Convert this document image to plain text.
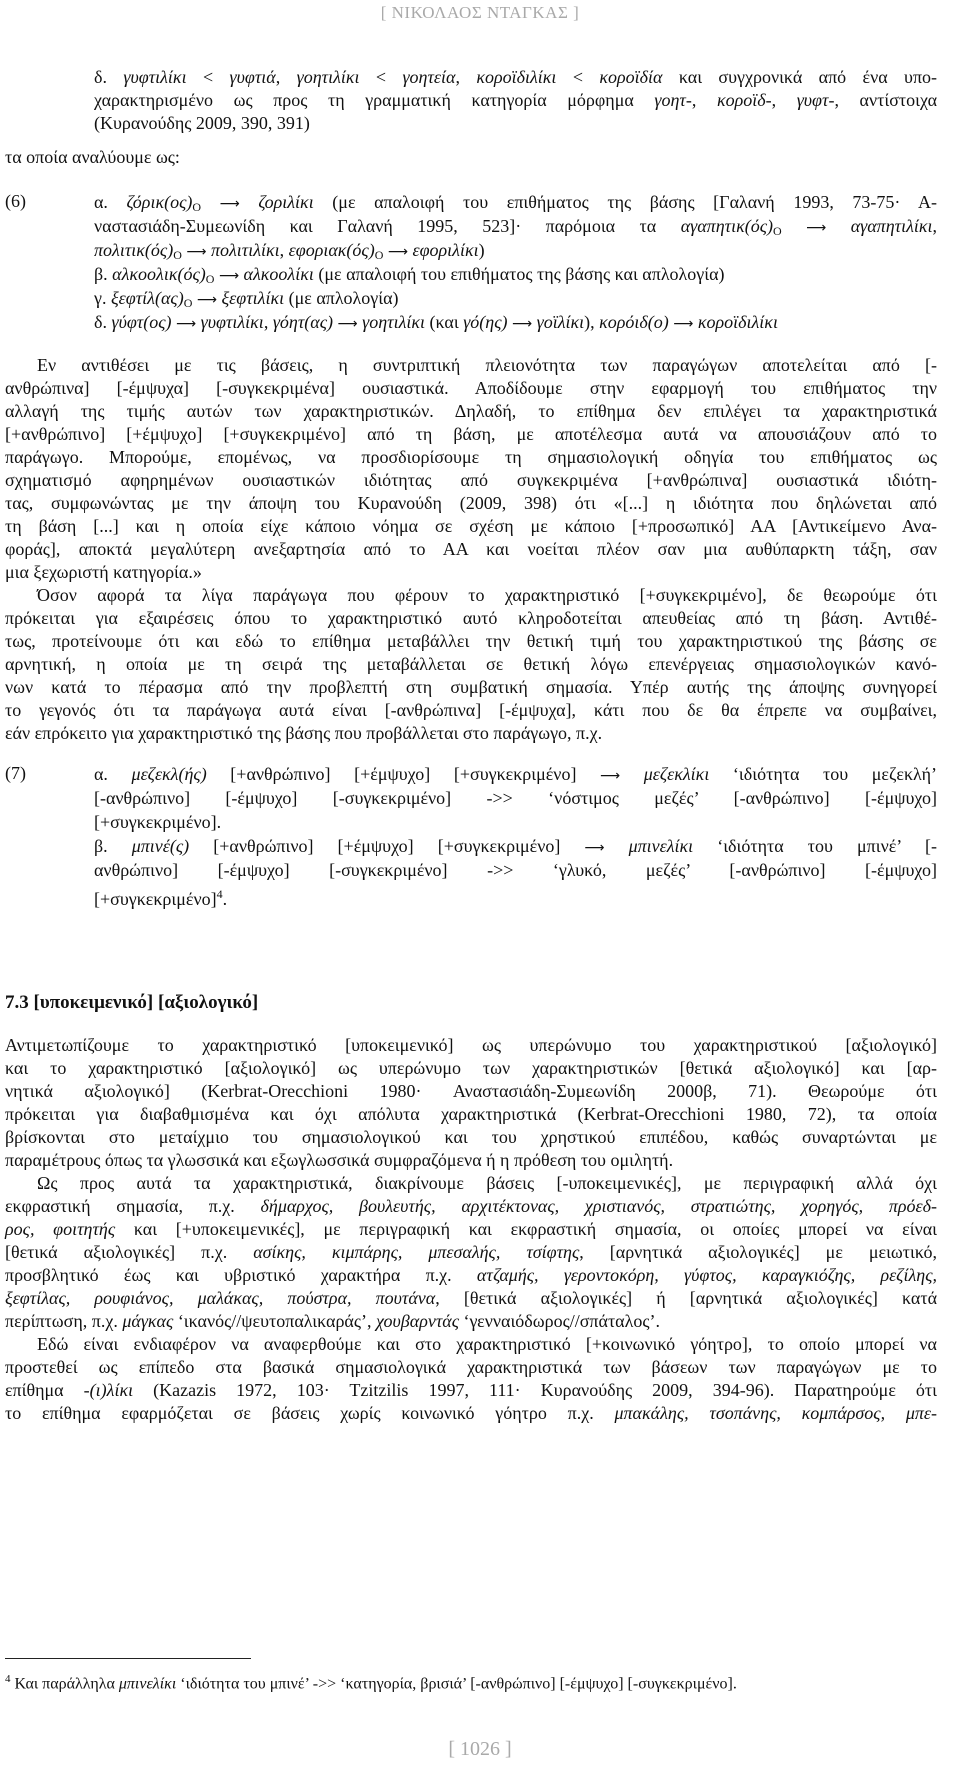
[ ΝΙΚΟΛΑΟΣ ΝΤΑΓΚΑΣ ]
δ. γυφτιλίκι < γυφτιά, γοητιλίκι < γοητεία, κοροϊδιλίκι < κοροϊδία και συγχρονικά από ένα υπο-
χαρακτηρισμένο ως προς τη γραμματική κατηγορία μόρφημα γοητ-, κοροϊδ-, γυφτ-, αντίστοιχα
(Κυρανούδης 2009, 390, 391)
τα οποία αναλύουμε ως:
(6)	α. ζόρικ(ος)Ο ⟶ ζοριλίκι (με απαλοιφή του επιθήματος της βάσης [Γαλανή 1993, 73-75· Α-
ναστασιάδη-Συμεωνίδη και Γαλανή 1995, 523]· παρόμοια τα αγαπητικ(ός)Ο ⟶ αγαπητιλίκι,
πολιτικ(ός)Ο ⟶ πολιτιλίκι, εφοριακ(ός)Ο ⟶ εφοριλίκι)
β. αλκοολικ(ός)Ο ⟶ αλκοολίκι (με απαλοιφή του επιθήματος της βάσης και απλολογία)
γ. ξεφτίλ(ας)Ο ⟶ ξεφτιλίκι (με απλολογία)
δ. γύφτ(ος) ⟶ γυφτιλίκι, γόητ(ας) ⟶ γοητιλίκι (και γό(ης) ⟶ γοϊλίκι), κορόιδ(ο) ⟶ κοροϊδιλίκι
Εν αντιθέσει με τις βάσεις, η συντριπτική πλειονότητα των παραγώγων αποτελείται από [-
ανθρώπινα] [-έμψυχα] [-συγκεκριμένα] ουσιαστικά. Αποδίδουμε στην εφαρμογή του επιθήματος την
αλλαγή της τιμής αυτών των χαρακτηριστικών. Δηλαδή, το επίθημα δεν επιλέγει τα χαρακτηριστικά
[+ανθρώπινο] [+έμψυχο] [+συγκεκριμένο] από τη βάση, με αποτέλεσμα αυτά να απουσιάζουν από το
παράγωγο. Μπορούμε, επομένως, να προσδιορίσουμε τη σημασιολογική οδηγία του επιθήματος ως
σχηματισμό αφηρημένων ουσιαστικών ιδιότητας από συγκεκριμένα [+ανθρώπινα] ουσιαστικά ιδιότη-
τας, συμφωνώντας με την άποψη του Κυρανούδη (2009, 398) ότι «[...] η ιδιότητα που δηλώνεται από
τη βάση [...] και η οποία είχε κάποιο νόημα σε σχέση με κάποιο [+προσωπικό] ΑΑ [Αντικείμενο Ανα-
φοράς], αποκτά μεγαλύτερη ανεξαρτησία από το ΑΑ και νοείται πλέον σαν μια αυθύπαρκτη τάξη, σαν
μια ξεχωριστή κατηγορία.»
Όσον αφορά τα λίγα παράγωγα που φέρουν το χαρακτηριστικό [+συγκεκριμένο], δε θεωρούμε ότι
πρόκειται για εξαιρέσεις όπου το χαρακτηριστικό αυτό κληροδοτείται απευθείας από τη βάση. Αντιθέ-
τως, προτείνουμε ότι και εδώ το επίθημα μεταβάλλει την θετική τιμή του χαρακτηριστικού της βάσης σε
αρνητική, η οποία με τη σειρά της μεταβάλλεται σε θετική λόγω επενέργειας σημασιολογικών κανό-
νων κατά το πέρασμα από την προβλεπτή στη συμβατική σημασία. Υπέρ αυτής της άποψης συνηγορεί
το γεγονός ότι τα παράγωγα αυτά είναι [-ανθρώπινα] [-έμψυχα], κάτι που δε θα έπρεπε να συμβαίνει,
εάν επρόκειτο για χαρακτηριστικό της βάσης που προβάλλεται στο παράγωγο, π.χ.
(7)	α. μεζεκλ(ής) [+ανθρώπινο] [+έμψυχο] [+συγκεκριμένο] ⟶ μεζεκλίκι ‘ιδιότητα του μεζεκλή’
[-ανθρώπινο] [-έμψυχο] [-συγκεκριμένο] ->> ‘νόστιμος μεζές’ [-ανθρώπινο] [-έμψυχο]
[+συγκεκριμένο].
β. μπινέ(ς) [+ανθρώπινο] [+έμψυχο] [+συγκεκριμένο] ⟶ μπινελίκι ‘ιδιότητα του μπινέ’ [-
ανθρώπινο] [-έμψυχο] [-συγκεκριμένο] ->> ‘γλυκό, μεζές’ [-ανθρώπινο] [-έμψυχο]
$[+\sigma\upsilon\gamma\kappa\varepsilon\kappa\rho\iota\mu έ\nu o]^4$.
7.3 [υποκειμενικό] [αξιολογικό]
Αντιμετωπίζουμε το χαρακτηριστικό [υποκειμενικό] ως υπερώνυμο του χαρακτηριστικού [αξιολογικό]
και το χαρακτηριστικό [αξιολογικό] ως υπερώνυμο των χαρακτηριστικών [θετικά αξιολογικό] και [αρ-
νητικά αξιολογικό] (Kerbrat-Orecchioni 1980· Αναστασιάδη-Συμεωνίδη 2000β, 71). Θεωρούμε ότι
πρόκειται για διαβαθμισμένα και όχι απόλυτα χαρακτηριστικά (Kerbrat-Orecchioni 1980, 72), τα οποία
βρίσκονται στο μεταίχμιο του σημασιολογικού και του χρηστικού επιπέδου, καθώς συναρτώνται με
παραμέτρους όπως τα γλωσσικά και εξωγλωσσικά συμφραζόμενα ή η πρόθεση του ομιλητή.
Ως προς αυτά τα χαρακτηριστικά, διακρίνουμε βάσεις [-υποκειμενικές], με περιγραφική αλλά όχι
εκφραστική σημασία, π.χ. δήμαρχος, βουλευτής, αρχιτέκτονας, χριστιανός, στρατιώτης, χορηγός, πρόεδ-
ρος, φοιτητής και [+υποκειμενικές], με περιγραφική και εκφραστική σημασία, οι οποίες μπορεί να είναι
[θετικά αξιολογικές] π.χ. ασίκης, κιμπάρης, μπεσαλής, τσίφτης, [αρνητικά αξιολογικές] με μειωτικό,
προσβλητικό έως και υβριστικό χαρακτήρα π.χ. ατζαμής, γεροντοκόρη, γύφτος, καραγκιόζης, ρεζίλης,
ξεφτίλας, ρουφιάνος, μαλάκας, πούστρα, πουτάνα, [θετικά αξιολογικές] ή [αρνητικά αξιολογικές] κατά
περίπτωση, π.χ. μάγκας ‘ικανός//ψευτοπαλικαράς’, χουβαρντάς ‘γενναιόδωρος//σπάταλος’.
Εδώ είναι ενδιαφέρον να αναφερθούμε και στο χαρακτηριστικό [+κοινωνικό γόητρο], το οποίο μπορεί να
προστεθεί ως επίπεδο στα βασικά σημασιολογικά χαρακτηριστικά των βάσεων των παραγώγων με το
επίθημα -(ι)λίκι (Kazazis 1972, 103· Tzitzilis 1997, 111· Κυρανούδης 2009, 394-96). Παρατηρούμε ότι
το επίθημα εφαρμόζεται σε βάσεις χωρίς κοινωνικό γόητρο π.χ. μπακάλης, τσοπάνης, κομπάρσος, μπε-
$^4$ Και παράλληλα μπινελίκι ‘ιδιότητα του μπινέ’ ->> ‘κατηγορία, βρισιά’ [-ανθρώπινο] [-έμψυχο] [-συγκεκριμένο].
[ 1026 ]
